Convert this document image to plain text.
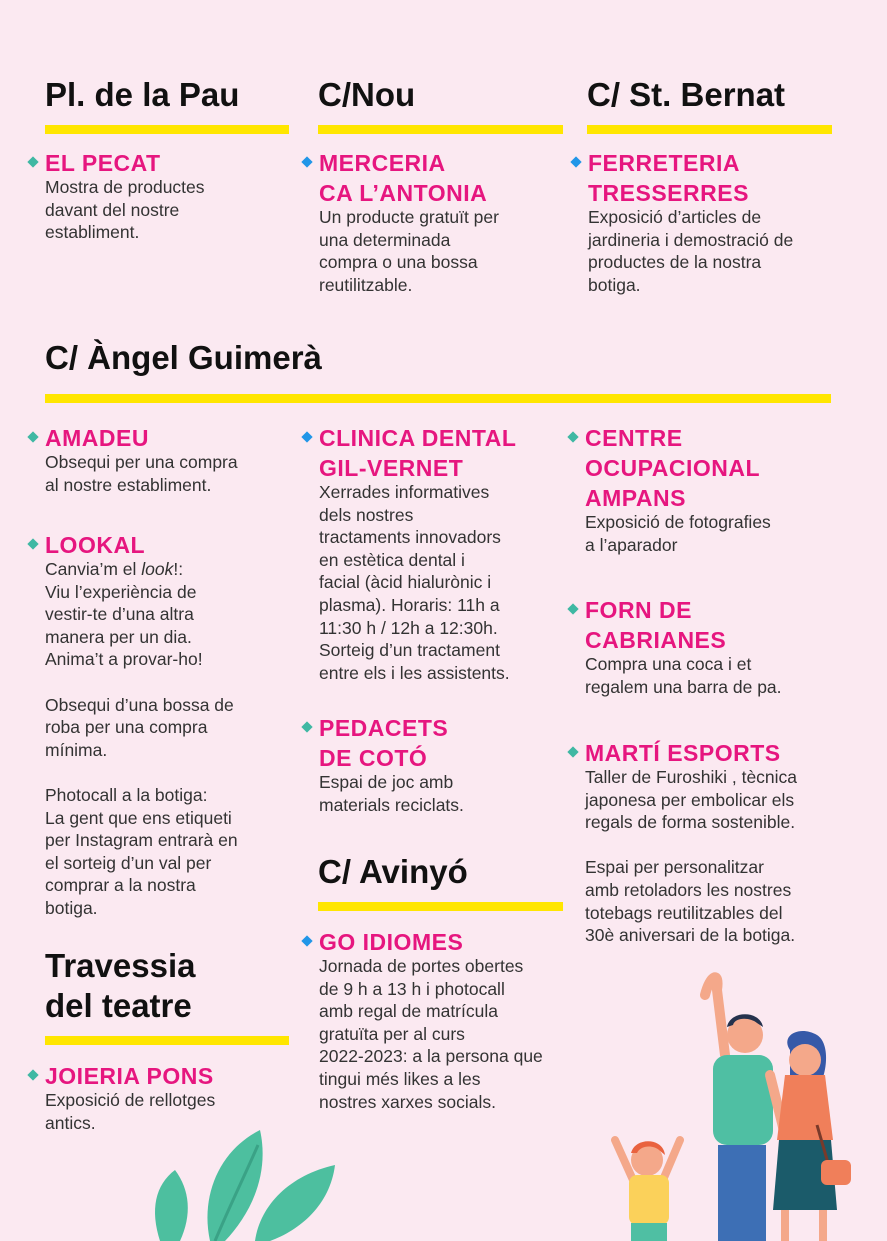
Pl. de la Pau	C/Nou	C/ St. Bernat
C/ Àngel Guimerà
C/ Avinyó
Travessia
del teatre
EL PECAT
Mostra de productes
davant del nostre
establiment.
MERCERIA
CA L’ANTONIA
Un producte gratuït per
una determinada
compra o una bossa
reutilitzable.
FERRETERIA
TRESSERRES
Exposició d’articles de
jardineria i demostració de
productes de la nostra
botiga.
AMADEU
Obsequi per una compra
al nostre establiment.
LOOKAL
Canvia’m el look!:
Viu l’experiència de
vestir-te d’una altra
manera per un dia.
Anima’t a provar-ho!

Obsequi d’una bossa de
roba per una compra
mínima.

Photocall a la botiga:
La gent que ens etiqueti
per Instagram entrarà en
el sorteig d’un val per
comprar a la nostra
botiga.
CLINICA DENTAL
GIL-VERNET
Xerrades informatives
dels nostres
tractaments innovadors
en estètica dental i
facial (àcid hialurònic i
plasma). Horaris: 11h a
11:30 h / 12h a 12:30h.
Sorteig d’un tractament
entre els i les assistents.
PEDACETS
DE COTÓ
Espai de joc amb
materials reciclats.
CENTRE
OCUPACIONAL
AMPANS
Exposició de fotografies
a l’aparador
FORN DE
CABRIANES
Compra una coca i et
regalem una barra de pa.
MARTÍ ESPORTS
Taller de Furoshiki , tècnica
japonesa per embolicar els
regals de forma sostenible.

Espai per personalitzar
amb retoladors les nostres
totebags reutilitzables del
30è aniversari de la botiga.
GO IDIOMES
Jornada de portes obertes
de 9 h a 13 h i photocall
amb regal de matrícula
gratuïta per al curs
2022-2023: a la persona que
tingui més likes a les
nostres xarxes socials.
JOIERIA PONS
Exposició de rellotges
antics.
